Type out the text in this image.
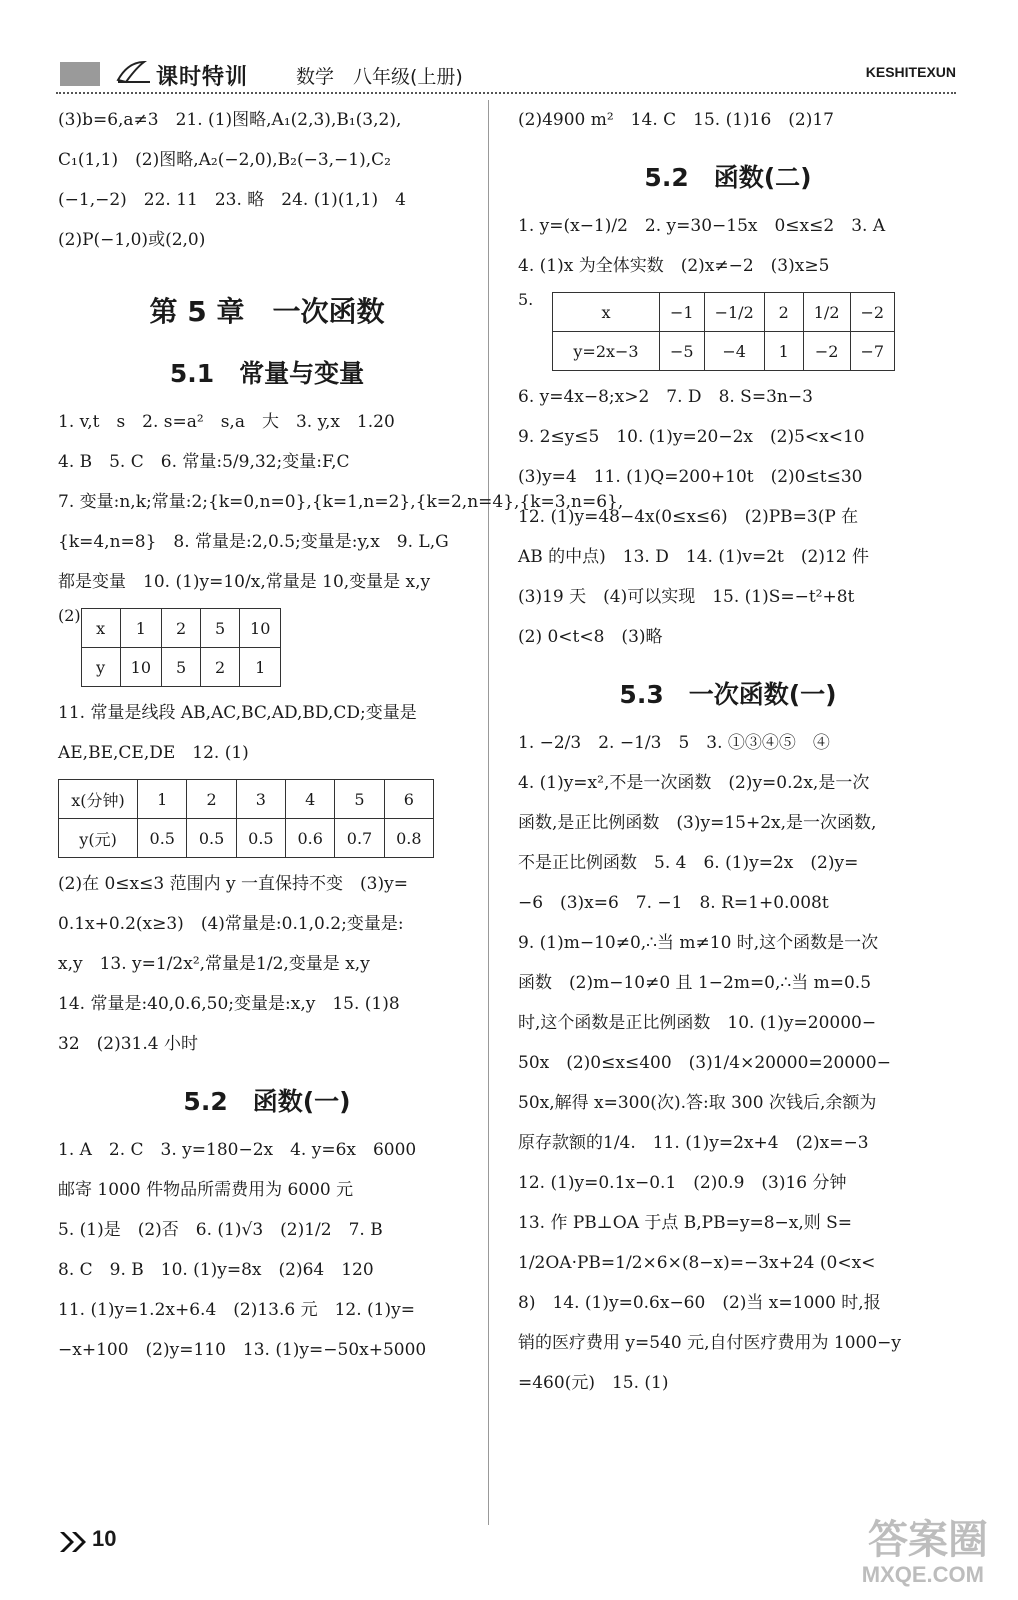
课时特训	数学　八年级(上册)	KESHITEXUN

(3)b=6,a≠3　21. (1)图略,A₁(2,3),B₁(3,2),

C₁(1,1)　(2)图略,A₂(−2,0),B₂(−3,−1),C₂

(−1,−2)　22. 11　23. 略　24. (1)(1,1)　4

(2)P(−1,0)或(2,0)

第 5 章　一次函数
5.1　常量与变量

1. v,t　s　2. s=a²　s,a　大　3. y,x　1.20

4. B　5. C　6. 常量:5/9,32;变量:F,C

7. 变量:n,k;常量:2;{k=0,n=0},{k=1,n=2},{k=2,n=4},{k=3,n=6},

{k=4,n=8}　8. 常量是:2,0.5;变量是:y,x　9. L,G

都是变量　10. (1)y=10/x,常量是 10,变量是 x,y

(2)
x	1	2	5	10
y	10	5	2	1

11. 常量是线段 AB,AC,BC,AD,BD,CD;变量是

AE,BE,CE,DE　12. (1)

x(分钟)	1	2	3	4	5	6
y(元)	0.5	0.5	0.5	0.6	0.7	0.8

(2)在 0≤x≤3 范围内 y 一直保持不变　(3)y=

0.1x+0.2(x≥3)　(4)常量是:0.1,0.2;变量是:

x,y　13. y=1/2x²,常量是1/2,变量是 x,y

14. 常量是:40,0.6,50;变量是:x,y　15. (1)8

32　(2)31.4 小时

5.2　函数(一)

1. A　2. C　3. y=180−2x　4. y=6x　6000

邮寄 1000 件物品所需费用为 6000 元

5. (1)是　(2)否　6. (1)√3　(2)1/2　7. B

8. C　9. B　10. (1)y=8x　(2)64　120

11. (1)y=1.2x+6.4　(2)13.6 元　12. (1)y=

−x+100　(2)y=110　13. (1)y=−50x+5000

(2)4900 m²　14. C　15. (1)16　(2)17

5.2　函数(二)

1. y=(x−1)/2　2. y=30−15x　0≤x≤2　3. A

4. (1)x 为全体实数　(2)x≠−2　(3)x≥5

5.
x	−1	−1/2	2	1/2	−2
y=2x−3	−5	−4	1	−2	−7

6. y=4x−8;x>2　7. D　8. S=3n−3

9. 2≤y≤5　10. (1)y=20−2x　(2)5<x<10

(3)y=4　11. (1)Q=200+10t　(2)0≤t≤30

12. (1)y=48−4x(0≤x≤6)　(2)PB=3(P 在

AB 的中点)　13. D　14. (1)v=2t　(2)12 件

(3)19 天　(4)可以实现　15. (1)S=−t²+8t

(2) 0<t<8　(3)略

5.3　一次函数(一)

1. −2/3　2. −1/3　5　3. ①③④⑤　④

4. (1)y=x²,不是一次函数　(2)y=0.2x,是一次

函数,是正比例函数　(3)y=15+2x,是一次函数,

不是正比例函数　5. 4　6. (1)y=2x　(2)y=

−6　(3)x=6　7. −1　8. R=1+0.008t

9. (1)m−10≠0,∴当 m≠10 时,这个函数是一次

函数　(2)m−10≠0 且 1−2m=0,∴当 m=0.5

时,这个函数是正比例函数　10. (1)y=20000−

50x　(2)0≤x≤400　(3)1/4×20000=20000−

50x,解得 x=300(次).答:取 300 次钱后,余额为

原存款额的1/4.　11. (1)y=2x+4　(2)x=−3

12. (1)y=0.1x−0.1　(2)0.9　(3)16 分钟

13. 作 PB⊥OA 于点 B,PB=y=8−x,则 S=

1/2OA·PB=1/2×6×(8−x)=−3x+24 (0<x<

8)　14. (1)y=0.6x−60　(2)当 x=1000 时,报

销的医疗费用 y=540 元,自付医疗费用为 1000−y

=460(元)　15. (1)

10	答案圈
MXQE.COM
